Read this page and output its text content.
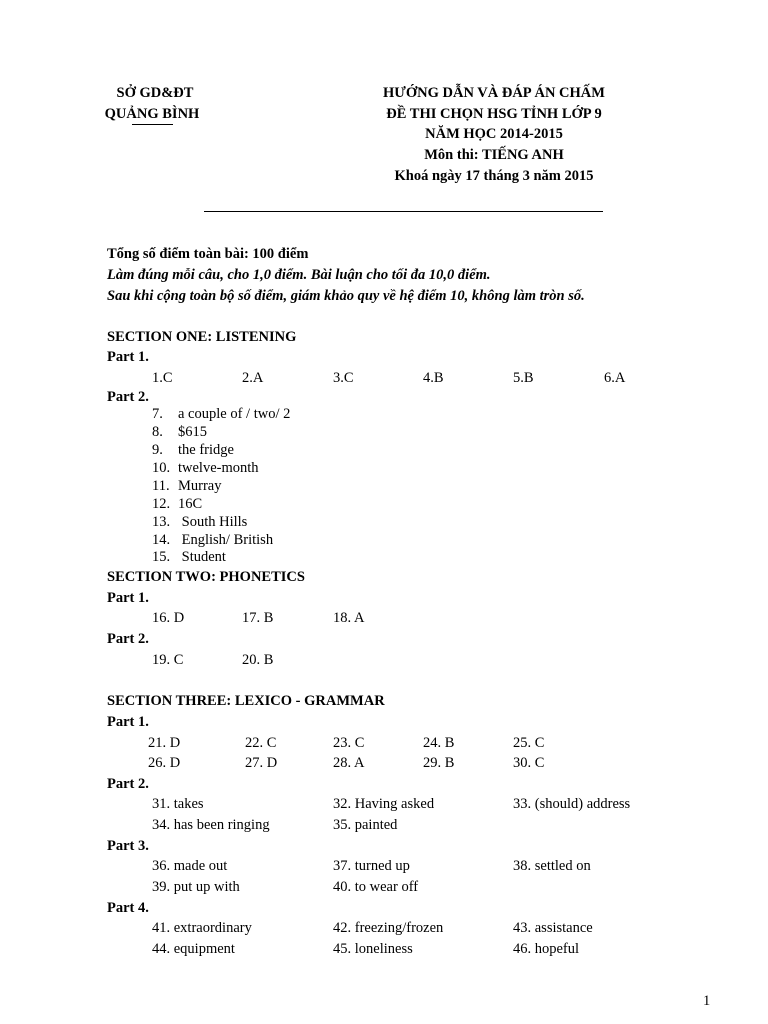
SỞ GD&ĐT
QUẢNG BÌNH
HƯỚNG DẪN VÀ ĐÁP ÁN CHẤM
ĐỀ THI CHỌN HSG TỈNH LỚP 9
NĂM HỌC 2014-2015
Môn thi: TIẾNG ANH
Khoá ngày 17 tháng 3 năm 2015
Tổng số điểm toàn bài: 100 điểm
Làm đúng mỗi câu, cho 1,0 điểm. Bài luận cho tối đa 10,0 điểm.
Sau khi cộng toàn bộ số điểm, giám khảo quy về hệ điểm 10, không làm tròn số.
SECTION ONE: LISTENING
Part 1.
1.C	2.A	3.C	4.B	5.B	6.A
Part 2.
7. a couple of / two/ 2
8. $615
9. the fridge
10. twelve-month
11. Murray
12. 16C
13. South Hills
14. English/ British
15. Student
SECTION TWO: PHONETICS
Part 1.
16. D	17. B	18. A
Part 2.
19. C	20. B
SECTION THREE: LEXICO - GRAMMAR
Part 1.
21. D	22. C	23. C	24. B	25. C
26. D	27. D	28. A	29. B	30. C
Part 2.
31. takes	32. Having asked	33. (should) address
34. has been ringing	35. painted
Part 3.
36. made out	37. turned up	38. settled on
39. put up with	40. to wear off
Part 4.
41. extraordinary	42. freezing/frozen	43. assistance
44. equipment	45. loneliness	46. hopeful
1
